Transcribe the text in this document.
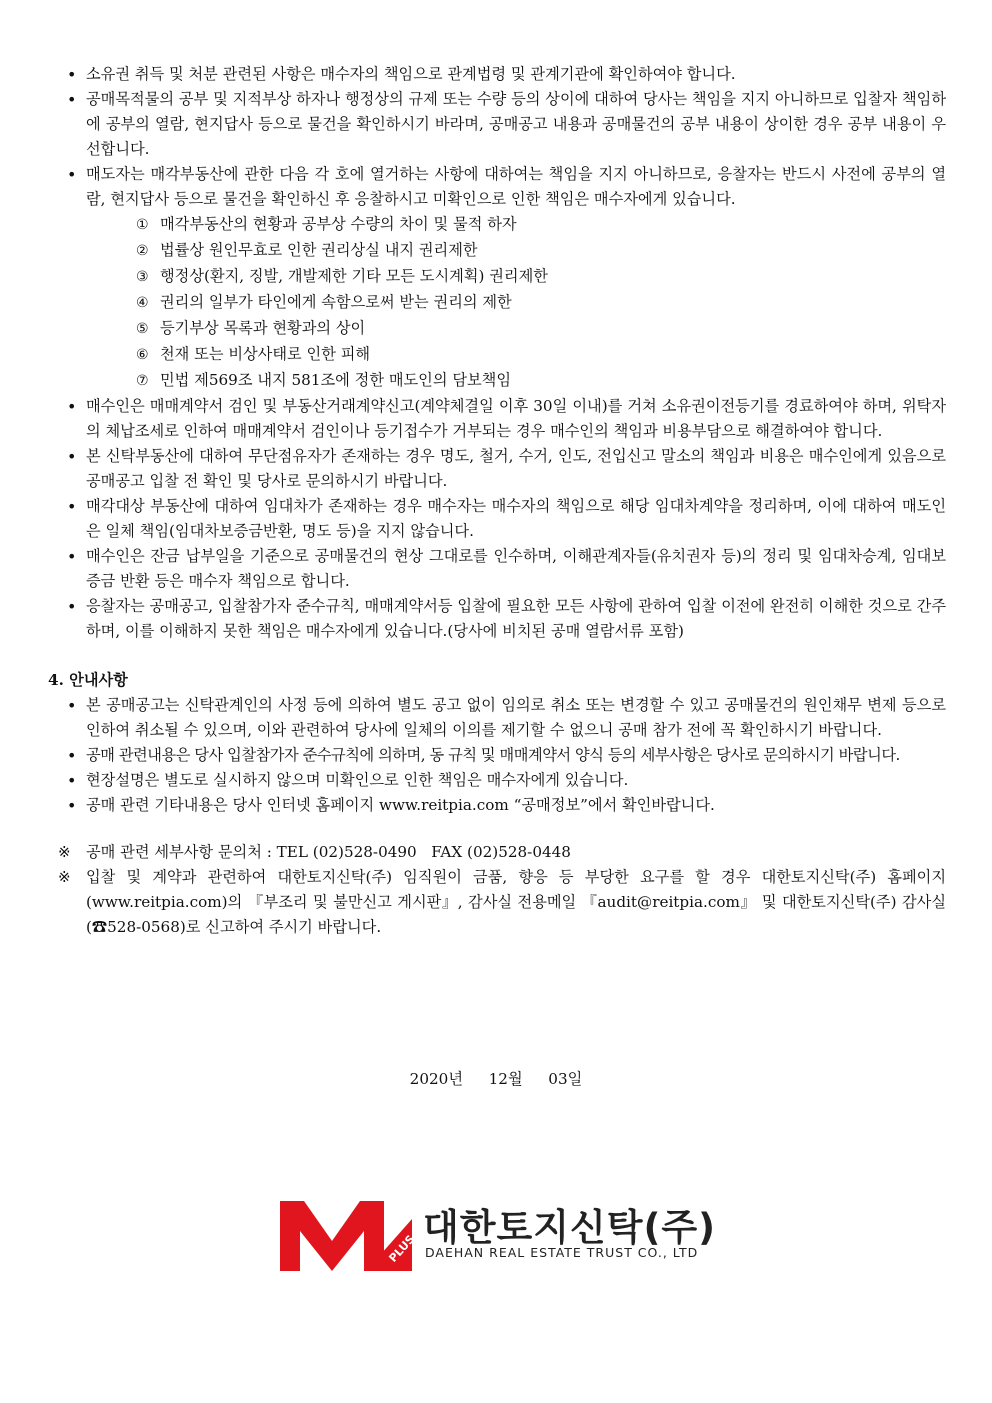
• 소유권 취득 및 처분 관련된 사항은 매수자의 책임으로 관계법령 및 관계기관에 확인하여야 합니다.
• 공매목적물의 공부 및 지적부상 하자나 행정상의 규제 또는 수량 등의 상이에 대하여 당사는 책임을 지지 아니하므로 입찰자 책임하에 공부의 열람, 현지답사 등으로 물건을 확인하시기 바라며, 공매공고 내용과 공매물건의 공부 내용이 상이한 경우 공부 내용이 우선합니다.
• 매도자는 매각부동산에 관한 다음 각 호에 열거하는 사항에 대하여는 책임을 지지 아니하므로, 응찰자는 반드시 사전에 공부의 열람, 현지답사 등으로 물건을 확인하신 후 응찰하시고 미확인으로 인한 책임은 매수자에게 있습니다.
① 매각부동산의 현황과 공부상 수량의 차이 및 물적 하자
② 법률상 원인무효로 인한 권리상실 내지 권리제한
③ 행정상(환지, 징발, 개발제한 기타 모든 도시계획) 권리제한
④ 권리의 일부가 타인에게 속함으로써 받는 권리의 제한
⑤ 등기부상 목록과 현황과의 상이
⑥ 천재 또는 비상사태로 인한 피해
⑦ 민법 제569조 내지 581조에 정한 매도인의 담보책임
• 매수인은 매매계약서 검인 및 부동산거래계약신고(계약체결일 이후 30일 이내)를 거쳐 소유권이전등기를 경료하여야 하며, 위탁자의 체납조세로 인하여 매매계약서 검인이나 등기접수가 거부되는 경우 매수인의 책임과 비용부담으로 해결하여야 합니다.
• 본 신탁부동산에 대하여 무단점유자가 존재하는 경우 명도, 철거, 수거, 인도, 전입신고 말소의 책임과 비용은 매수인에게 있음으로 공매공고 입찰 전 확인 및 당사로 문의하시기 바랍니다.
• 매각대상 부동산에 대하여 임대차가 존재하는 경우 매수자는 매수자의 책임으로 해당 임대차계약을 정리하며, 이에 대하여 매도인은 일체 책임(임대차보증금반환, 명도 등)을 지지 않습니다.
• 매수인은 잔금 납부일을 기준으로 공매물건의 현상 그대로를 인수하며, 이해관계자들(유치권자 등)의 정리 및 임대차승계, 임대보증금 반환 등은 매수자 책임으로 합니다.
• 응찰자는 공매공고, 입찰참가자 준수규칙, 매매계약서등 입찰에 필요한 모든 사항에 관하여 입찰 이전에 완전히 이해한 것으로 간주하며, 이를 이해하지 못한 책임은 매수자에게 있습니다.(당사에 비치된 공매 열람서류 포함)
4. 안내사항
• 본 공매공고는 신탁관계인의 사정 등에 의하여 별도 공고 없이 임의로 취소 또는 변경할 수 있고 공매물건의 원인채무 변제 등으로 인하여 취소될 수 있으며, 이와 관련하여 당사에 일체의 이의를 제기할 수 없으니 공매 참가 전에 꼭 확인하시기 바랍니다.
• 공매 관련내용은 당사 입찰참가자 준수규칙에 의하며, 동 규칙 및 매매계약서 양식 등의 세부사항은 당사로 문의하시기 바랍니다.
• 현장설명은 별도로 실시하지 않으며 미확인으로 인한 책임은 매수자에게 있습니다.
• 공매 관련 기타내용은 당사 인터넷 홈페이지 www.reitpia.com “공매정보”에서 확인바랍니다.
※ 공매 관련 세부사항 문의처 : TEL (02)528-0490   FAX (02)528-0448
※ 입찰 및 계약과 관련하여 대한토지신탁(주) 임직원이 금품, 향응 등 부당한 요구를 할 경우 대한토지신탁(주) 홈페이지(www.reitpia.com)의 『부조리 및 불만신고 게시판』, 감사실 전용메일 『audit@reitpia.com』 및 대한토지신탁(주) 감사실(☎528-0568)로 신고하여 주시기 바랍니다.
2020년  12월  03일
PLUS 대한토지신탁(주)
DAEHAN REAL ESTATE TRUST CO., LTD
